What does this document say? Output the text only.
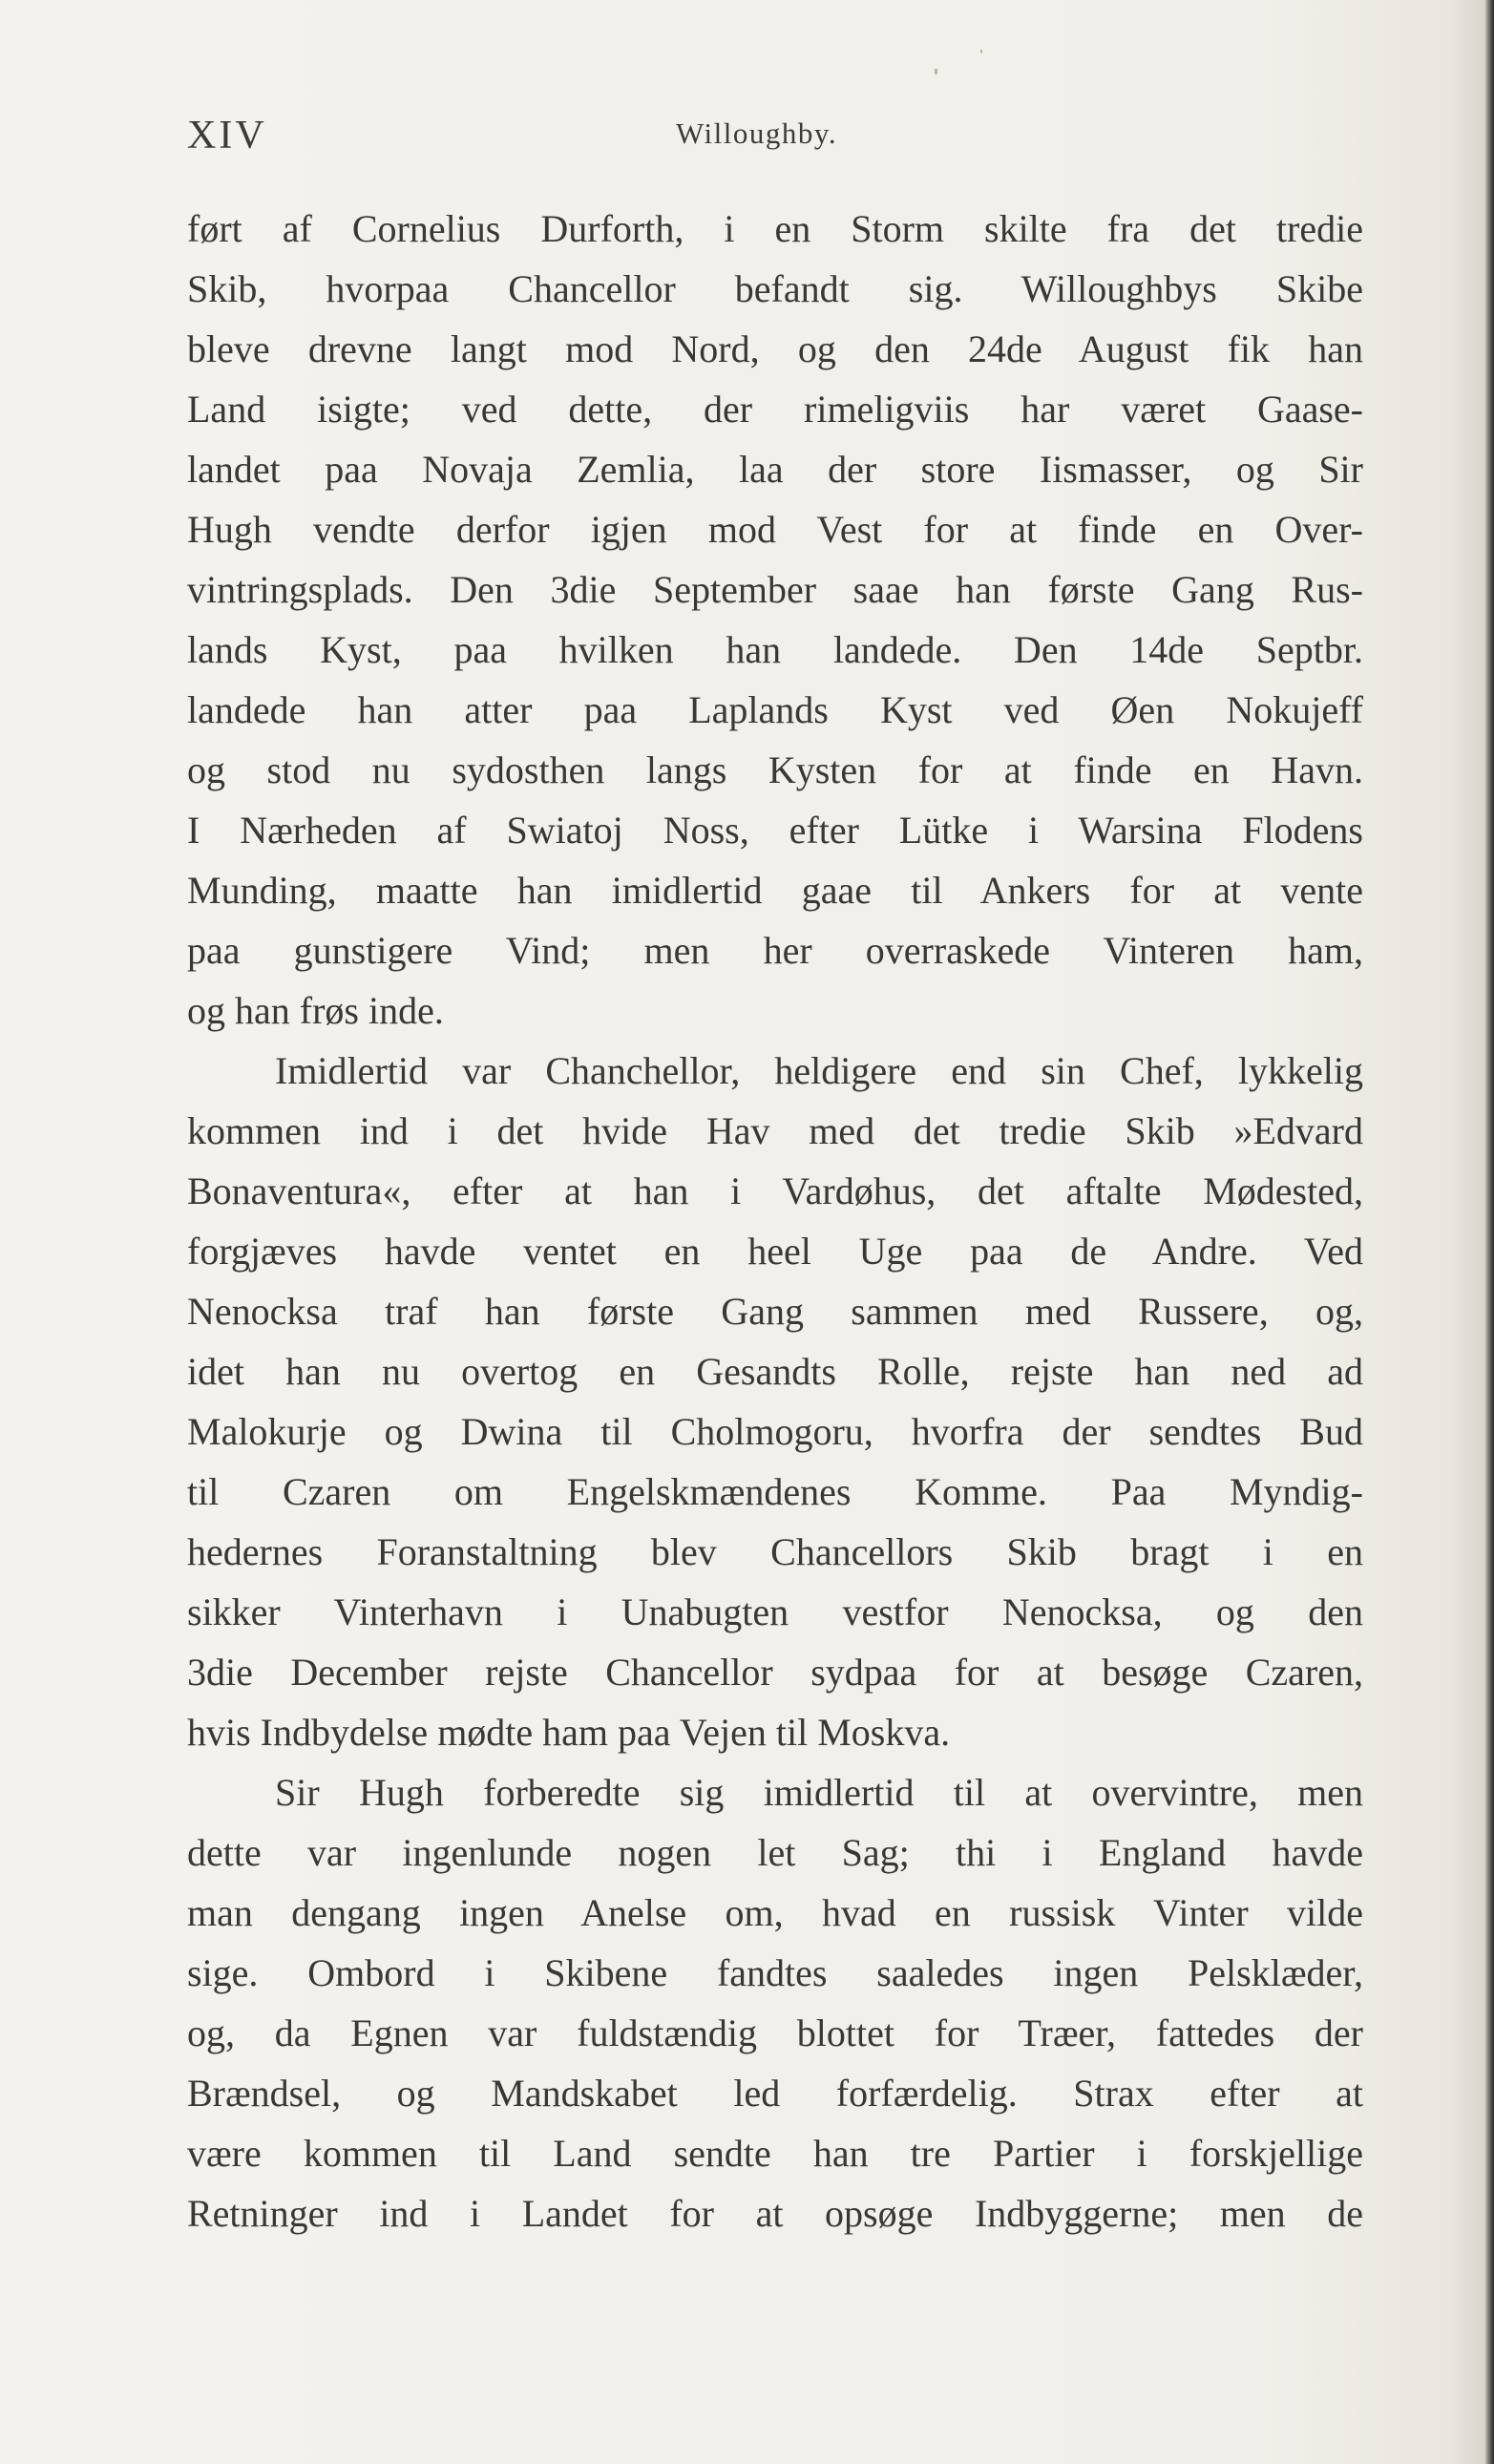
XIV	Willoughby.
ført af Cornelius Durforth, i en Storm skilte fra det tredie
Skib, hvorpaa Chancellor befandt sig. Willoughbys Skibe
bleve drevne langt mod Nord, og den 24de August fik han
Land isigte; ved dette, der rimeligviis har været Gaase-
landet paa Novaja Zemlia, laa der store Iismasser, og Sir
Hugh vendte derfor igjen mod Vest for at finde en Over-
vintringsplads. Den 3die September saae han første Gang Rus-
lands Kyst, paa hvilken han landede. Den 14de Septbr.
landede han atter paa Laplands Kyst ved Øen Nokujeff
og stod nu sydosthen langs Kysten for at finde en Havn.
I Nærheden af Swiatoj Noss, efter Lütke i Warsina Flodens
Munding, maatte han imidlertid gaae til Ankers for at vente
paa gunstigere Vind; men her overraskede Vinteren ham,
og han frøs inde.
Imidlertid var Chanchellor, heldigere end sin Chef, lykkelig
kommen ind i det hvide Hav med det tredie Skib »Edvard
Bonaventura«, efter at han i Vardøhus, det aftalte Mødested,
forgjæves havde ventet en heel Uge paa de Andre. Ved
Nenocksa traf han første Gang sammen med Russere, og,
idet han nu overtog en Gesandts Rolle, rejste han ned ad
Malokurje og Dwina til Cholmogoru, hvorfra der sendtes Bud
til Czaren om Engelskmændenes Komme. Paa Myndig-
hedernes Foranstaltning blev Chancellors Skib bragt i en
sikker Vinterhavn i Unabugten vestfor Nenocksa, og den
3die December rejste Chancellor sydpaa for at besøge Czaren,
hvis Indbydelse mødte ham paa Vejen til Moskva.
Sir Hugh forberedte sig imidlertid til at overvintre, men
dette var ingenlunde nogen let Sag; thi i England havde
man dengang ingen Anelse om, hvad en russisk Vinter vilde
sige. Ombord i Skibene fandtes saaledes ingen Pelsklæder,
og, da Egnen var fuldstændig blottet for Træer, fattedes der
Brændsel, og Mandskabet led forfærdelig. Strax efter at
være kommen til Land sendte han tre Partier i forskjellige
Retninger ind i Landet for at opsøge Indbyggerne; men de
